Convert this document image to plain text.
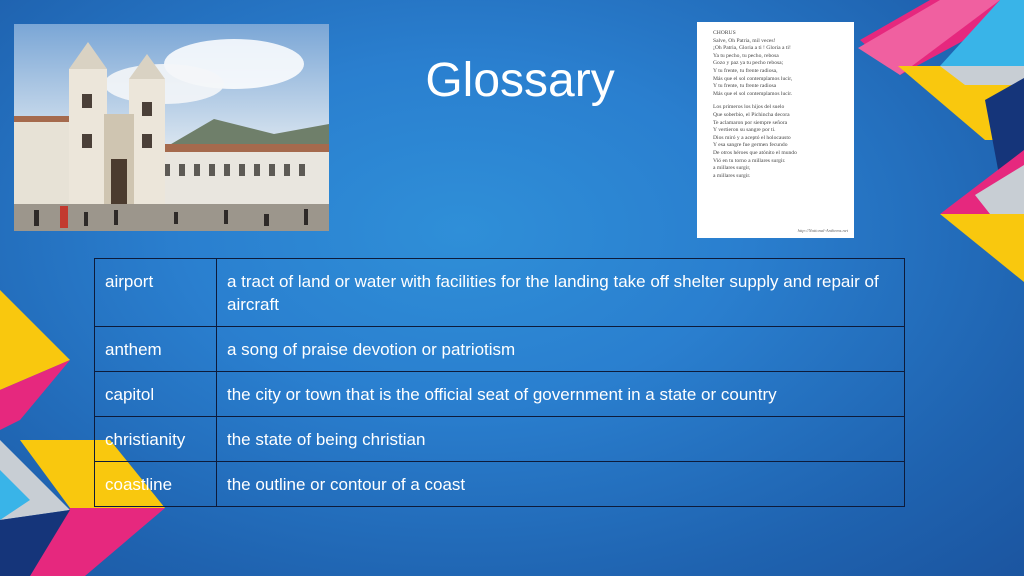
Glossary
CHORUS
Salve, Oh Patria, mil veces!
¡Oh Patria, Gloria a ti ! Gloria a ti!
Ya tu pecho, tu pecho, rebosa
Gozo y paz ya tu pecho rebosa;
Y tu frente, tu frente radiosa,
Más que el sol contemplamos lucir,
Y tu frente, tu frente radiosa
Más que el sol contemplamos lucir.
Los primeros los hijos del suelo
Que soberbio, el Pichincha decora
Te aclamaron por siempre señora
Y vertieron su sangre por ti.
Dios miró y a aceptó el holocausto
Y esa sangre fue germen fecundo
De otros héroes que atónito el mundo
Vió en tu torno a millares surgir.
a millares surgir,
a millares surgir.
http://National-Anthems.net
airport	a tract of land or water with facilities for the landing take off shelter supply and repair of aircraft
anthem	a song of praise devotion or patriotism
capitol	the city or town that is the official seat of government in a state or country
christianity	the state of being christian
coastline	the outline or contour of a coast
